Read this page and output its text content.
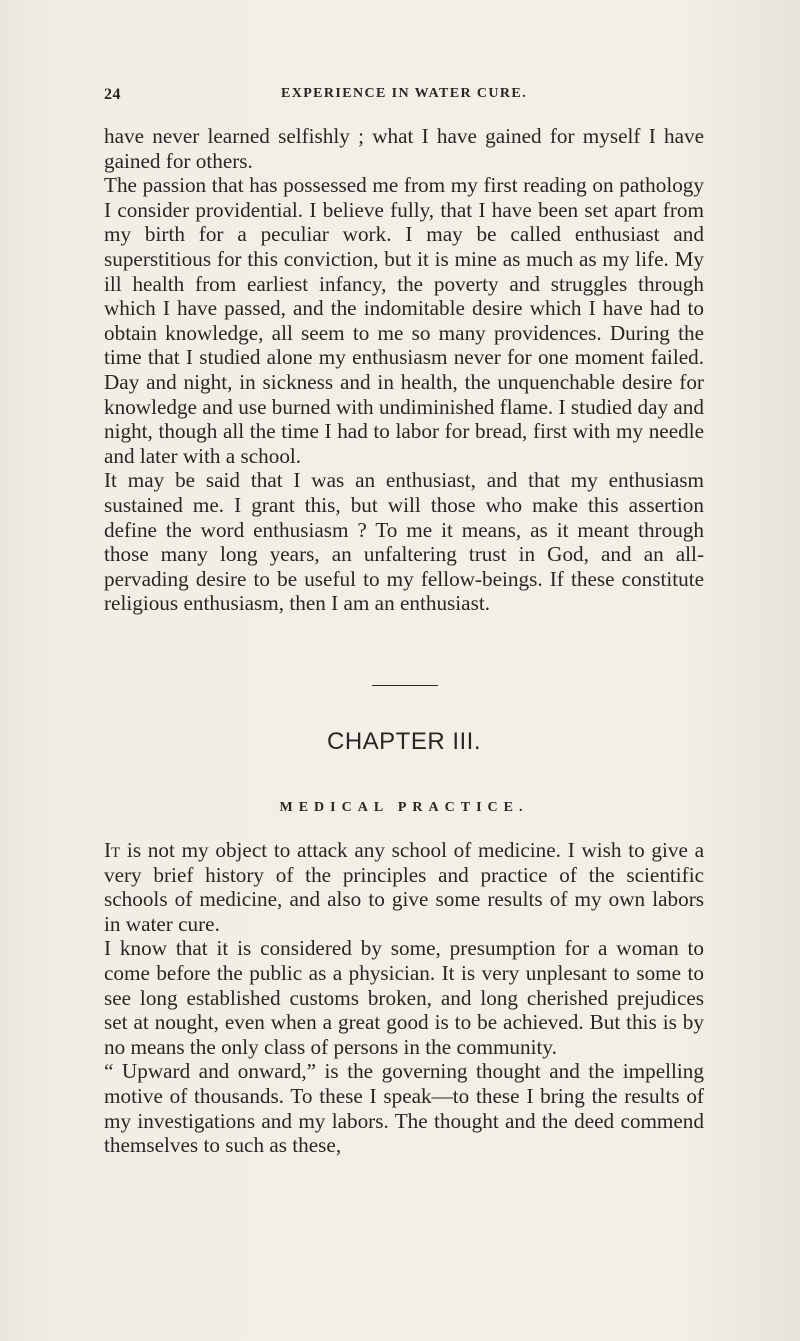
24	EXPERIENCE IN WATER CURE.

have never learned selfishly ; what I have gained for myself I have gained for others.

The passion that has possessed me from my first reading on pathology I consider providential. I believe fully, that I have been set apart from my birth for a peculiar work. I may be called enthusiast and superstitious for this conviction, but it is mine as much as my life. My ill health from earliest infancy, the poverty and struggles through which I have passed, and the indomitable desire which I have had to obtain knowledge, all seem to me so many providences. During the time that I studied alone my enthusiasm never for one moment failed. Day and night, in sickness and in health, the unquenchable desire for knowledge and use burned with undiminished flame. I studied day and night, though all the time I had to labor for bread, first with my needle and later with a school.

It may be said that I was an enthusiast, and that my enthusiasm sustained me. I grant this, but will those who make this assertion define the word enthusiasm ? To me it means, as it meant through those many long years, an unfaltering trust in God, and an all-pervading desire to be useful to my fellow-beings. If these constitute religious enthusiasm, then I am an enthusiast.

CHAPTER III.
MEDICAL PRACTICE.

It is not my object to attack any school of medicine. I wish to give a very brief history of the principles and practice of the scientific schools of medicine, and also to give some results of my own labors in water cure.

I know that it is considered by some, presumption for a woman to come before the public as a physician. It is very unplesant to some to see long established customs broken, and long cherished prejudices set at nought, even when a great good is to be achieved. But this is by no means the only class of persons in the community.

“ Upward and onward,” is the governing thought and the impelling motive of thousands. To these I speak—to these I bring the results of my investigations and my labors. The thought and the deed commend themselves to such as these,
